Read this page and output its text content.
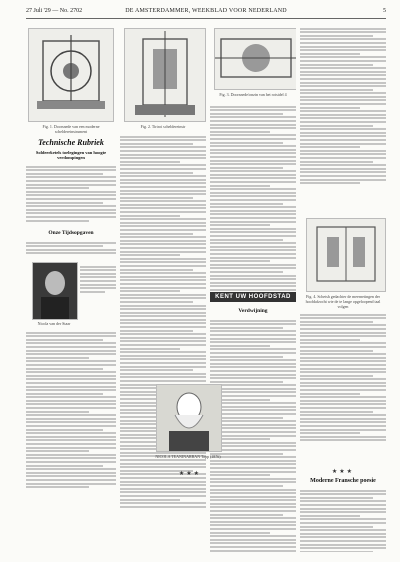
27 Juli '29 — No. 2702	DE AMSTERDAMMER, WEEKBLAD VOOR NEDERLAND	5
Fig. 1. Doorsnede van een moderne scheldereinstrument
Technische Rubriek
Soldeerketels toelegingen van hoogte verdompingen
Onze Tijdsopgaven
Nicola van der Staar
Fig. 2. Tirtroi scheldereinstr
Fig. 3. Doorsnede/onzin van het rotsidel 4
KENT UW HOOFDSTAD
Verdwijning
NICOLA TEANINARBAN Tapp (1876)
★★★
Fig. 4. Schetsh gedachter de meernetingen der hoofdafzocht wie de te lange opgeloopend taal volgen
★★★
Moderne Fransche poesie
